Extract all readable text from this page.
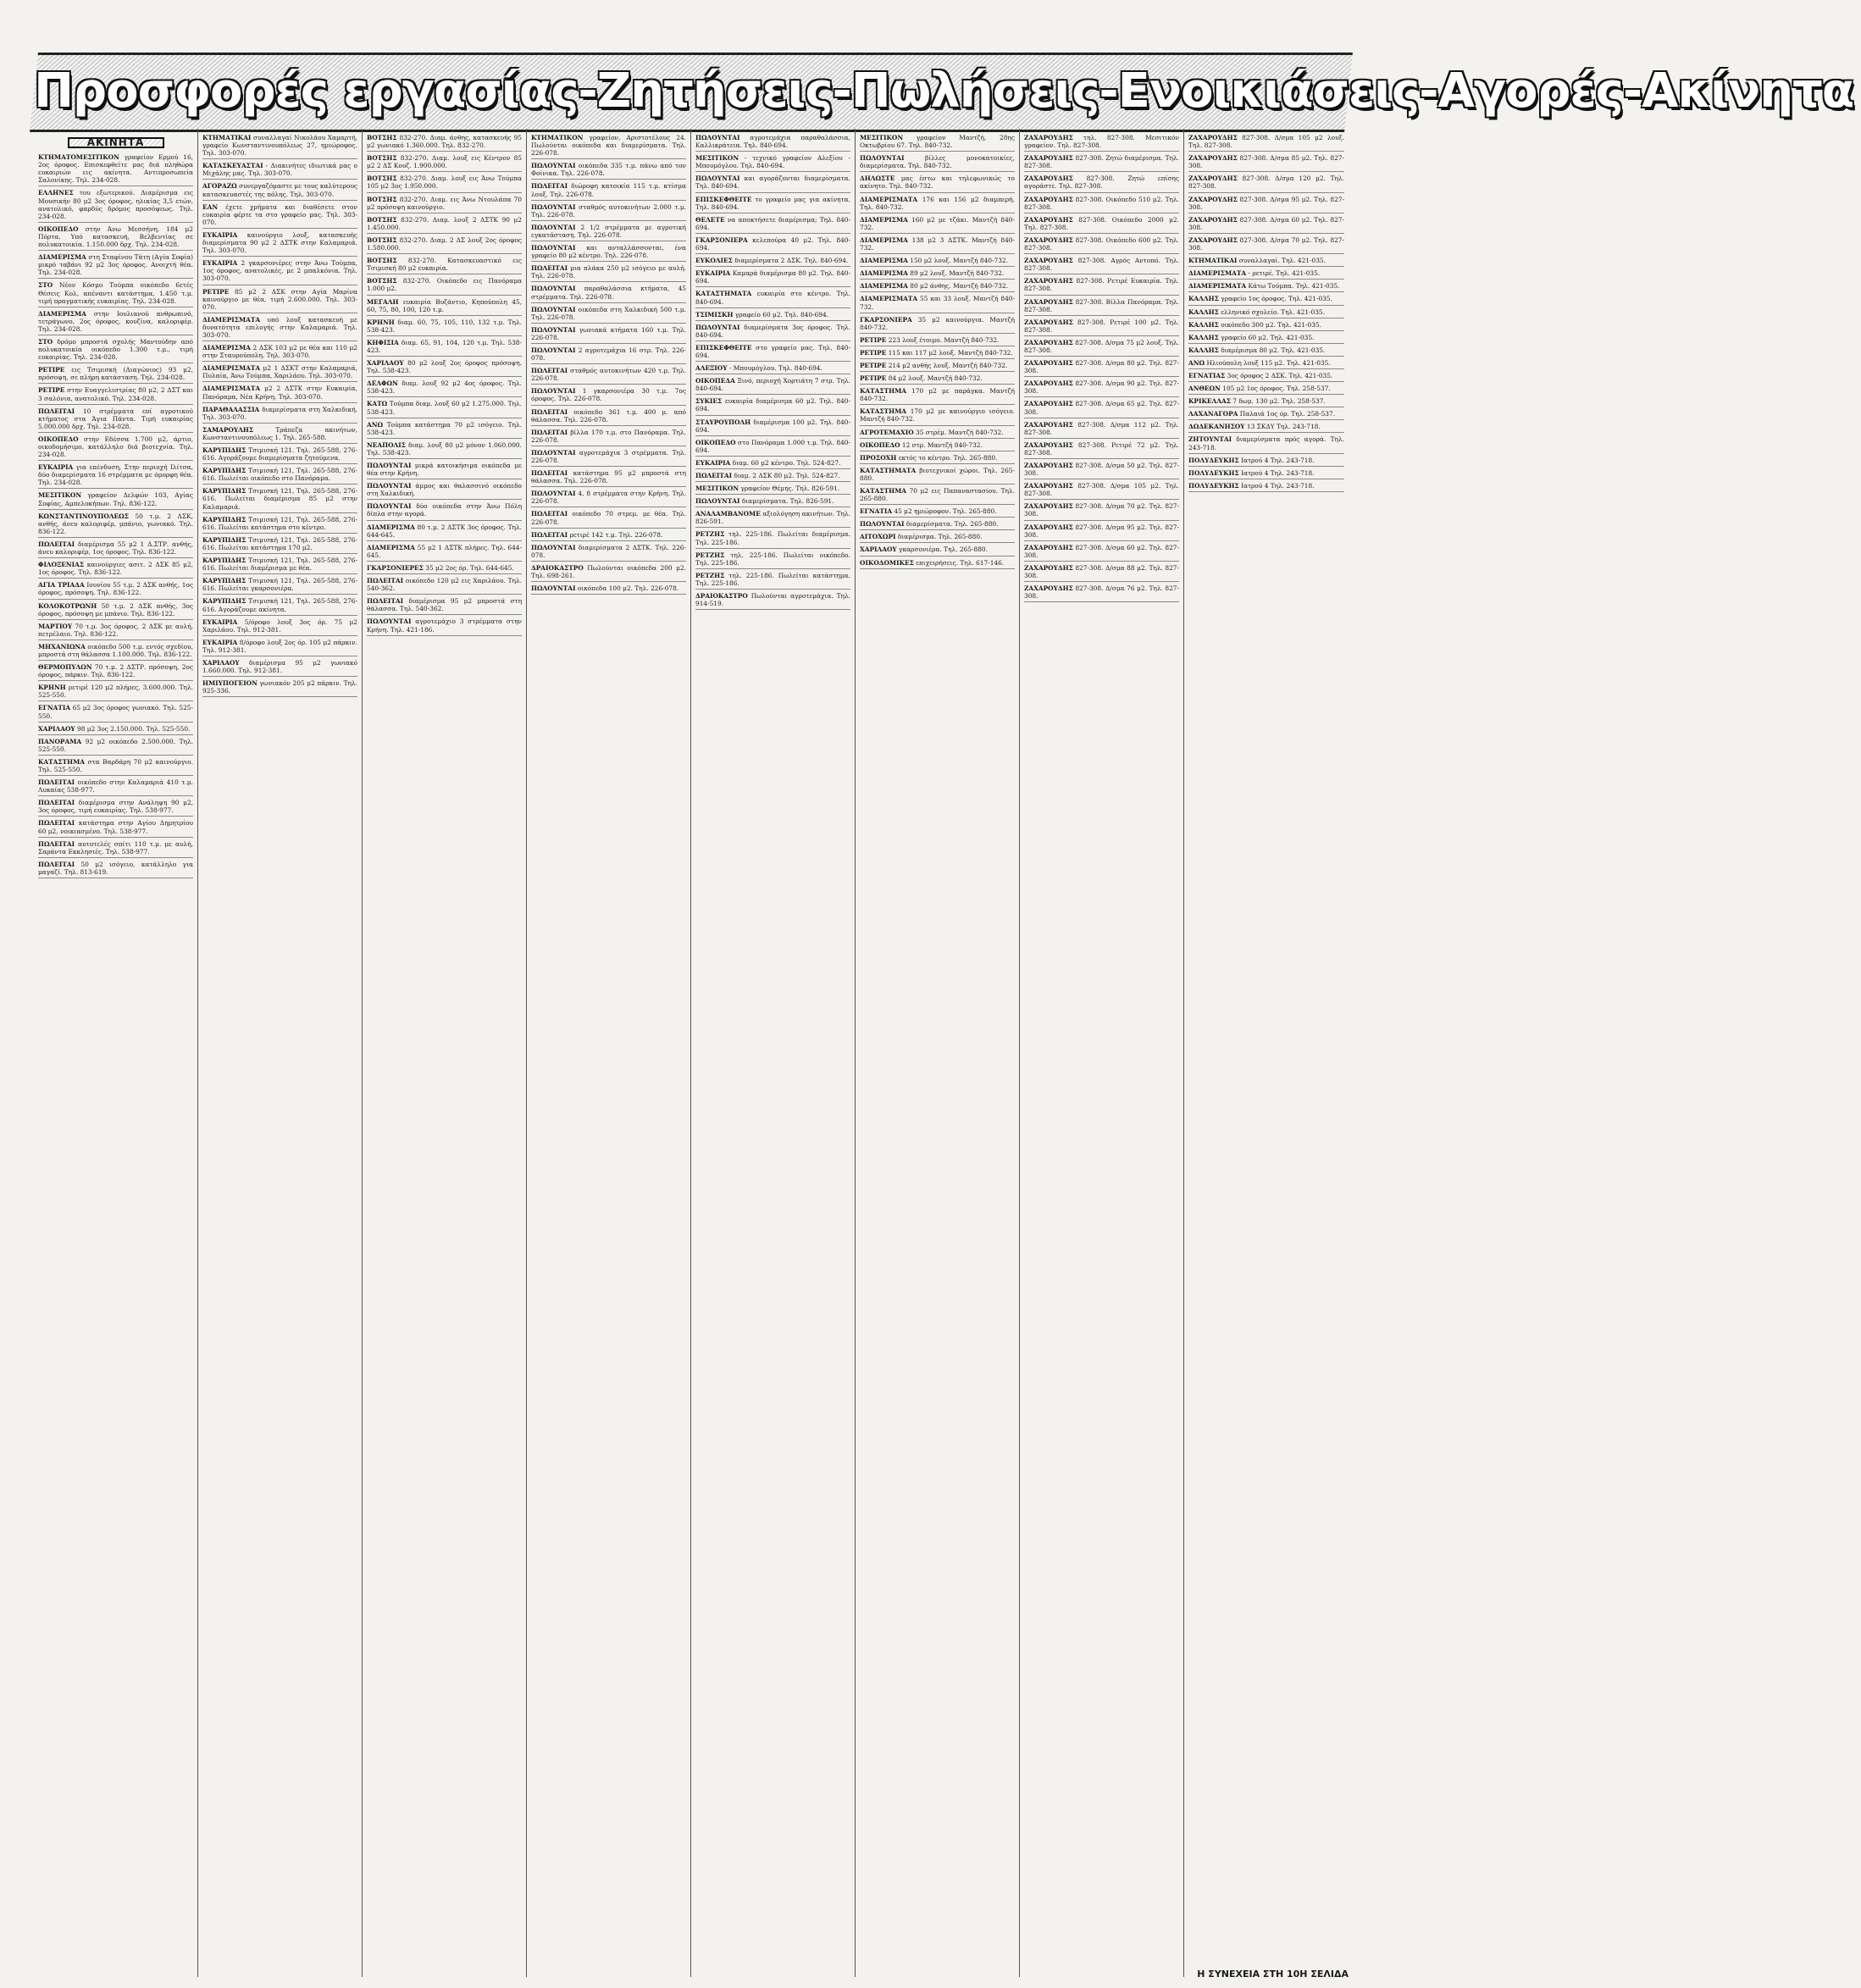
Προσφορές εργασίας-Ζητήσεις-Πωλήσεις-Ενοικιάσεις-Αγορές-Ακίνητα
ΑΚΙΝΗΤΑ
ΚΤΗΜΑΤΟΜΕΣΙΤΙΚΟΝ γραφείον Ερμού 16, 2ος όροφος. Επισκεφθείτε μας διά πληθώρα ευκαιριών εις ακίνητα. Αντιπροσωπεία Σαλονίκης. Τηλ. 234-028.
ΕΛΛΗΝΕΣ του εξωτερικού. Διαμέρισμα εις Μουσικήν 80 μ2 3ος όροφος, ηλικίας 3,5 ετών, ανατολικό, φαρδύς δρόμος προσόψεως. Τηλ. 234-028.
ΟΙΚΟΠΕΔΟ στην Άνω Μεσσήνη, 184 μ2 Πόρτα. Υπό κατασκευή, Βελβεντίας σε πολυκατοικία. 1.150.000 δρχ. Τηλ. 234-028.
ΔΙΑΜΕΡΙΣΜΑ στη Σταφίνου Τάτη (Αγία Σοφία) μικρό ταβάνι 92 μ2 3ος όροφος. Ανοιχτή θέα. Τηλ. 234-028.
ΣΤΟ Νέον Κόσμο Τούμπα οικόπεδο 6ετές Θέσεις Κολ, απέναντι κατάστημα, 1.450 τ.μ. τιμή πραγματικής ευκαιρίας. Τηλ. 234-028.
ΔΙΑΜΕΡΙΣΜΑ στην Ιουλιανού ανθρωπινό, τετράγωνο, 2ος όροφος, κουζίνα, καλοριφέρ. Τηλ. 234-028.
ΣΤΟ δρόμο μπροστά σχολής Μαντούδην από πολυκατοικία οικόπεδο 1.300 τ.μ., τιμή ευκαιρίας. Τηλ. 234-028.
ΡΕΤΙΡΕ εις Τσιμισκή (Διαγώνιος) 93 μ2, πρόσοψη, σε πλήρη κατάσταση. Τηλ. 234-028.
ΡΕΤΙΡΕ στην Ευαγγελιστρίας 80 μ2, 2 ΔΣΤ και 3 σαλόνια, ανατολικό. Τηλ. 234-028.
ΠΩΛΕΙΤΑΙ 10 στρέμματα επί αγροτικού κτήματος στα Άγια Πάντα. Τιμή ευκαιρίας 5.000.000 δρχ. Τηλ. 234-028.
ΟΙΚΟΠΕΔΟ στην Εδέσσα 1.700 μ2, άρτιο, οικοδομήσιμο, κατάλληλο διά βιοτεχνία. Τηλ. 234-028.
ΕΥΚΑΙΡΙΑ για επένδυση, Στην περιοχή Ιλίτσα, δύο διαμερίσματα 16 στρέμματα με όμορφη θέα. Τηλ. 234-028.
ΜΕΣΙΤΙΚΟΝ γραφείον Δελφών 103, Αγίας Σοφίας, Αμπελοκήπων. Τηλ. 836-122.
ΚΩΝΣΤΑΝΤΙΝΟΥΠΟΛΕΩΣ 50 τ.μ. 2 ΔΣΚ, ανθής, άνευ καλοριφέρ, μπάνιο, γωνιακό. Τηλ. 836-122.
ΠΩΛΕΙΤΑΙ διαμέρισμα 55 μ2 1 Δ.ΣΤΡ. ανθής, άνευ καλοριφέρ, 1ος όροφος. Τηλ. 836-122.
ΦΙΛΟΞΕΝΙΑΣ καινούργιες ασιτ. 2 ΔΣΚ 85 μ2, 1ος όροφος. Τηλ. 836-122.
ΑΓΙΑ ΤΡΙΑΔΑ Ιουνίου 55 τ.μ. 2 ΔΣΚ ανθής, 1ος όροφος, πρόσοψη. Τηλ. 836-122.
ΚΟΛΟΚΟΤΡΩΝΗ 50 τ.μ. 2 ΔΣΚ ανθής, 3ος όροφος, πρόσοψη με μπάνιο. Τηλ. 836-122.
ΜΑΡΤΙΟΥ 70 τ.μ. 3ος όροφος, 2 ΔΣΚ με αυλή, πετρέλαιο. Τηλ. 836-122.
ΜΗΧΑΝΙΩΝΑ οικόπεδο 500 τ.μ. εντός σχεδίου, μπροστά στη θάλασσα 1.100.000. Τηλ. 836-122.
ΘΕΡΜΟΠΥΛΩΝ 70 τ.μ. 2 ΔΣΤΡ. πρόσοψη, 2ος όροφος, πάρκιν. Τηλ. 836-122.
ΚΡΗΝΗ ρετιρέ 120 μ2 πλήρες, 3.600.000. Τηλ. 525-550.
ΕΓΝΑΤΙΑ 65 μ2 3ος όροφος γωνιακό. Τηλ. 525-550.
ΧΑΡΙΛΑΟΥ 98 μ2 3ος 2.150.000. Τηλ. 525-550.
ΠΑΝΟΡΑΜΑ 92 μ2 οικόπεδο 2.500.000. Τηλ. 525-550.
ΚΑΤΑΣΤΗΜΑ στα Βαρδάρη 70 μ2 καινούργιο. Τηλ. 525-550.
ΠΩΛΕΙΤΑΙ οικόπεδο στην Καλαμαριά 410 τ.μ. Λυκαίας 538-977.
ΠΩΛΕΙΤΑΙ διαμέρισμα στην Ανάληψη 90 μ2, 3ος όροφος, τιμή ευκαιρίας. Τηλ. 538-977.
ΠΩΛΕΙΤΑΙ κατάστημα στην Αγίου Δημητρίου 60 μ2, νοικιασμένο. Τηλ. 538-977.
ΠΩΛΕΙΤΑΙ αυτοτελές σπίτι 110 τ.μ. με αυλή, Σαράντα Εκκλησιές. Τηλ. 538-977.
ΠΩΛΕΙΤΑΙ 50 μ2 ισόγειο, κατάλληλο για μαγαζί. Τηλ. 813-619.
ΚΤΗΜΑΤΙΚΑΙ συναλλαγαί Νικολάου Χαμαρτή, γραφείο Κωνσταντινουπόλεως 27, ημιώροφος. Τηλ. 303-070.
ΚΑΤΑΣΚΕΥΑΣΤΑΙ - Διακινήτες ιδιωτικά μας ο Μιχάλης μας. Τηλ. 303-070.
ΑΓΟΡΑΖΩ συνεργαζόμαστε με τους καλύτερους κατασκευαστές της πόλης. Τηλ. 303-070.
ΕΑΝ έχετε χρήματα και διαθέσετε στον ευκαιρία φέρτε τα στο γραφείο μας. Τηλ. 303-070.
ΕΥΚΑΙΡΙΑ καινούργιο λουξ, κατασκευής διαμερίσματα 90 μ2 2 ΔΣΤΚ στην Καλαμαριά. Τηλ. 303-070.
ΕΥΚΑΙΡΙΑ 2 γκαρσονιέρες στην Άνω Τούμπα, 1ος όροφος, ανατολικές, με 2 μπαλκόνια. Τηλ. 303-070.
ΡΕΤΙΡΕ 85 μ2 2 ΔΣΚ στην Αγία Μαρίνα καινούργιο με θέα, τιμή 2.600.000. Τηλ. 303-070.
ΔΙΑΜΕΡΙΣΜΑΤΑ υπό λουξ κατασκευή με δυνατότητα επιλογής στην Καλαμαριά. Τηλ. 303-070.
ΔΙΑΜΕΡΙΣΜΑ 2 ΔΣΚ 103 μ2 με θέα και 110 μ2 στην Σταυρούπολη. Τηλ. 303-070.
ΔΙΑΜΕΡΙΣΜΑΤΑ μ2 1 ΔΣΚΤ στην Καλαμαριά, Πυλαία, Άνω Τούμπα, Χαριλάου. Τηλ. 303-070.
ΔΙΑΜΕΡΙΣΜΑΤΑ μ2 2 ΔΣΤΚ στην Ευκαιρία, Πανόραμα, Νέα Κρήνη. Τηλ. 303-070.
ΠΑΡΑΘΑΛΑΣΣΙΑ διαμερίσματα στη Χαλκιδική. Τηλ. 303-070.
ΣΑΜΑΡΟΥΛΗΣ	Τράπεζα ακινήτων, Κωνσταντινουπόλεως 1. Τηλ. 265-588.
ΚΑΡΥΠΙΔΗΣ Τσιμισκή 121. Τηλ. 265-588, 276-616. Αγοράζουμε διαμερίσματα ζητούμενα.
ΚΑΡΥΠΙΔΗΣ Τσιμισκή 121, Τηλ. 265-588, 276-616. Πωλείται οικόπεδο στο Πανόραμα.
ΚΑΡΥΠΙΔΗΣ Τσιμισκή 121, Τηλ. 265-588, 276-616. Πωλείται διαμέρισμα 85 μ2 στην Καλαμαριά.
ΚΑΡΥΠΙΔΗΣ Τσιμισκή 121, Τηλ. 265-588, 276-616. Πωλείται κατάστημα στο κέντρο.
ΚΑΡΥΠΙΔΗΣ Τσιμισκή 121, Τηλ. 265-588, 276-616. Πωλείται κατάστημα 170 μ2.
ΚΑΡΥΠΙΔΗΣ Τσιμισκή 121, Τηλ. 265-588, 276-616. Πωλείται διαμέρισμα με θέα.
ΚΑΡΥΠΙΔΗΣ Τσιμισκή 121, Τηλ. 265-588, 276-616. Πωλείται γκαρσονιέρα.
ΚΑΡΥΠΙΔΗΣ Τσιμισκή 121, Τηλ. 265-588, 276-616. Αγοράζουμε ακίνητα.
ΕΥΚΑΙΡΙΑ 5/όροφο λουξ 3ος όρ. 75 μ2 Χαριλάου. Τηλ. 912-381.
ΕΥΚΑΙΡΙΑ 8/όροφο λουξ 2ος όρ. 105 μ2 πάρκιν. Τηλ. 912-381.
ΧΑΡΙΛΑΟΥ διαμέρισμα 95 μ2 γωνιακό 1.660.000. Τηλ. 912-381.
ΗΜΙΥΠΟΓΕΙΟΝ γωνιακόν 205 μ2 πάρκιν. Τηλ. 925-336.
ΒΟΤΣΗΣ 832-270. Διαμ. άνθης, κατασκευής 95 μ2 γωνιακό 1.360.000. Τηλ. 832-270.
ΒΟΤΣΗΣ 832-270. Διαμ. λουξ εις Κέντρον 85 μ2 2 ΔΣ Κουζ. 1.900.000.
ΒΟΤΣΗΣ 832-270. Διαμ. λουξ εις Άνω Τούμπα 105 μ2 3ος 1.950.000.
ΒΟΤΣΗΣ 832-270. Διαμ. εις Άνω Ντουλάπα 70 μ2 πρόσοψη καινούργιο.
ΒΟΤΣΗΣ 832-270. Διαμ. λουξ 2 ΔΣΤΚ 90 μ2 1.450.000.
ΒΟΤΣΗΣ 832-270. Διαμ. 2 ΔΣ λουξ 2ος όροφος 1.580.000.
ΒΟΤΣΗΣ 832-270. Κατασκευαστικό εις Τσιμισκή 80 μ2 ευκαιρία.
ΒΟΤΣΗΣ 832-270. Οικόπεδο εις Πανόραμα 1.000 μ2.
ΜΕΓΑΛΗ ευκαιρία Βυζάντιο, Κηπούπολη 45, 60, 75, 80, 100, 120 τ.μ.
ΚΡΗΝΗ διαμ. 60, 75, 105, 110, 132 τ.μ. Τηλ. 538-423.
ΚΗΦΙΣΙΑ διαμ. 65, 91, 104, 120 τ.μ. Τηλ. 538-423.
ΧΑΡΙΛΑΟΥ 80 μ2 λουξ 2ος όροφος πρόσοψη. Τηλ. 538-423.
ΔΕΛΦΩΝ διαμ. λουξ 92 μ2 4ος όροφος. Τηλ. 538-423.
ΚΑΤΩ Τούμπα διαμ. λουξ 60 μ2 1.275.000. Τηλ. 538-423.
ΑΝΩ Τούμπα κατάστημα 70 μ2 ισόγειο. Τηλ. 538-423.
ΝΕΑΠΟΛΙΣ διαμ. λουξ 80 μ2 μόνον 1.060.000. Τηλ. 538-423.
ΠΩΛΟΥΝΤΑΙ μικρά κατοικήσιμα οικόπεδα με θέα στην Κρήνη.
ΠΩΛΟΥΝΤΑΙ άμμος και θαλασσινό οικόπεδο στη Χαλκιδική.
ΠΩΛΟΥΝΤΑΙ δύο οικόπεδα στην Άνω Πόλη δίπλα στην αγορά.
ΔΙΑΜΕΡΙΣΜΑ 80 τ.μ. 2 ΔΣΤΚ 3ος όροφος. Τηλ. 644-645.
ΔΙΑΜΕΡΙΣΜΑ 55 μ2 1 ΔΣΤΚ πλήρες. Τηλ. 644-645.
ΓΚΑΡΣΟΝΙΕΡΕΣ 35 μ2 2ος όρ. Τηλ. 644-645.
ΠΩΛΕΙΤΑΙ οικόπεδο 120 μ2 εις Χαριλάου. Τηλ. 540-362.
ΠΩΛΕΙΤΑΙ διαμέρισμα 95 μ2 μπροστά στη θάλασσα. Τηλ. 540-362.
ΠΩΛΟΥΝΤΑΙ αγροτεμάχιο 3 στρέμματα στην Κρήνη. Τηλ. 421-186.
ΚΤΗΜΑΤΙΚΟΝ γραφείον, Αριστοτέλους 24. Πωλούνται οικόπεδα και διαμερίσματα. Τηλ. 226-078.
ΠΩΛΟΥΝΤΑΙ οικόπεδα 335 τ.μ. πάνω από τον Φοίνικα. Τηλ. 226-078.
ΠΩΛΕΙΤΑΙ διώροφη κατοικία 115 τ.μ. κτίσμα λουξ. Τηλ. 226-078.
ΠΩΛΟΥΝΤΑΙ σταθμός αυτοκινήτων 2.000 τ.μ. Τηλ. 226-078.
ΠΩΛΟΥΝΤΑΙ 2 1/2 στρέμματα με αγροτική εγκατάσταση. Τηλ. 226-078.
ΠΩΛΟΥΝΤΑΙ και ανταλλάσσονται, ένα γραφείο 80 μ2 κέντρο. Τηλ. 226-078.
ΠΩΛΕΙΤΑΙ μια πλάκα 250 μ2 ισόγειο με αυλή. Τηλ. 226-078.
ΠΩΛΟΥΝΤΑΙ παραθαλάσσια κτήματα, 45 στρέμματα. Τηλ. 226-078.
ΠΩΛΟΥΝΤΑΙ οικόπεδα στη Χαλκιδική 500 τ.μ. Τηλ. 226-078.
ΠΩΛΟΥΝΤΑΙ γωνιακά κτήματα 160 τ.μ. Τηλ. 226-078.
ΠΩΛΟΥΝΤΑΙ 2 αγροτεμάχια 16 στρ. Τηλ. 226-078.
ΠΩΛΕΙΤΑΙ σταθμός αυτοκινήτων 420 τ.μ. Τηλ. 226-078.
ΠΩΛΟΥΝΤΑΙ 1 γκαρσονιέρα 30 τ.μ. 7ος όροφος. Τηλ. 226-078.
ΠΩΛΕΙΤΑΙ οικόπεδο 361 τ.μ. 400 μ. από θάλασσα. Τηλ. 226-078.
ΠΩΛΕΙΤΑΙ βίλλα 170 τ.μ. στο Πανόραμα. Τηλ. 226-078.
ΠΩΛΟΥΝΤΑΙ αγροτεμάχια 3 στρέμματα. Τηλ. 226-078.
ΠΩΛΕΙΤΑΙ κατάστημα 95 μ2 μπροστά στη θάλασσα. Τηλ. 226-078.
ΠΩΛΟΥΝΤΑΙ 4, 8 στρέμματα στην Κρήνη. Τηλ. 226-078.
ΠΩΛΕΙΤΑΙ οικόπεδο 70 στρεμ. με θέα. Τηλ. 226-078.
ΠΩΛΕΙΤΑΙ ρετιρέ 142 τ.μ. Τηλ. 226-078.
ΠΩΛΟΥΝΤΑΙ διαμερίσματα 2 ΔΣΤΚ. Τηλ. 226-078.
ΔΡΑΙΟΚΑΣΤΡΟ Πωλούνται οικόπεδα 200 μ2. Τηλ. 698-261.
ΠΩΛΟΥΝΤΑΙ οικόπεδα 100 μ2. Τηλ. 226-078.
ΠΩΛΟΥΝΤΑΙ αγροτεμάχια παραθαλάσσια, Καλλικράτεια. Τηλ. 840-694.
ΜΕΣΙΤΙΚΟΝ - τεχνικό γραφείον Αλεξίου - Μπουμόγλου. Τηλ. 840-694.
ΠΩΛΟΥΝΤΑΙ και αγοράζονται διαμερίσματα. Τηλ. 840-694.
ΕΠΙΣΚΕΦΘΕΙΤΕ το γραφείο μας για ακίνητα. Τηλ. 840-694.
ΘΕΛΕΤΕ να αποκτήσετε διαμέρισμα; Τηλ. 840-694.
ΓΚΑΡΣΟΝΙΕΡΑ κελεπούρα 40 μ2. Τηλ. 840-694.
ΕΥΚΟΛΙΕΣ διαμερίσματα 2 ΔΣΚ. Τηλ. 840-694.
ΕΥΚΑΙΡΙΑ Καμαρά διαμέρισμα 80 μ2. Τηλ. 840-694.
ΚΑΤΑΣΤΗΜΑΤΑ ευκαιρία στο κέντρο. Τηλ. 840-694.
ΤΣΙΜΙΣΚΗ γραφείο 60 μ2. Τηλ. 840-694.
ΠΩΛΟΥΝΤΑΙ διαμερίσματα 3ος όροφος. Τηλ. 840-694.
ΕΠΙΣΚΕΦΘΕΙΤΕ στο γραφείο μας. Τηλ. 840-694.
ΑΛΕΞΙΟΥ - Μπουμόγλου. Τηλ. 840-694.
ΟΙΚΟΠΕΔΑ Ξινό, περιοχή Χορτιάτη 7 στρ. Τηλ. 840-694.
ΣΥΚΙΕΣ ευκαιρία διαμέρισμα 60 μ2. Τηλ. 840-694.
ΣΤΑΥΡΟΥΠΟΛΗ διαμέρισμα 100 μ2. Τηλ. 840-694.
ΟΙΚΟΠΕΔΟ στο Πανόραμα 1.000 τ.μ. Τηλ. 840-694.
ΕΥΚΑΙΡΙΑ διαμ. 60 μ2 κέντρο. Τηλ. 524-827.
ΠΩΛΕΙΤΑΙ διαμ. 2 ΔΣΚ 80 μ2. Τηλ. 524-827.
ΜΕΣΙΤΙΚΟΝ γραφείον Θέμης. Τηλ. 826-591.
ΠΩΛΟΥΝΤΑΙ διαμερίσματα. Τηλ. 826-591.
ΑΝΑΛΑΜΒΑΝΟΜΕ αξιολόγηση ακινήτων. Τηλ. 826-591.
ΡΕΤΖΗΣ τηλ. 225-186. Πωλείται διαμέρισμα. Τηλ. 225-186.
ΡΕΤΖΗΣ τηλ. 225-186. Πωλείται οικόπεδο. Τηλ. 225-186.
ΡΕΤΖΗΣ τηλ. 225-186. Πωλείται κατάστημα. Τηλ. 225-186.
ΔΡΑΙΟΚΑΣΤΡΟ Πωλούνται αγροτεμάχια. Τηλ. 914-519.
ΜΕΣΙΤΙΚΟΝ γραφείον Μαντζή, 28ης Οκτωβρίου 67. Τηλ. 840-732.
ΠΩΛΟΥΝΤΑΙ	βίλλες μονοκατοικίες, διαμερίσματα. Τηλ. 840-732.
ΔΗΛΩΣΤΕ μας έστω και τηλεφωνικώς το ακίνητο. Τηλ. 840-732.
ΔΙΑΜΕΡΙΣΜΑΤΑ 176 και 156 μ2 διαμπερή. Τηλ. 840-732.
ΔΙΑΜΕΡΙΣΜΑ 160 μ2 με τζάκι. Μαντζή 840-732.
ΔΙΑΜΕΡΙΣΜΑ 138 μ2 3 ΔΣΤΚ. Μαντζή 840-732.
ΔΙΑΜΕΡΙΣΜΑ 150 μ2 λουξ. Μαντζή 840-732.
ΔΙΑΜΕΡΙΣΜΑ 89 μ2 λουξ. Μαντζή 840-732.
ΔΙΑΜΕΡΙΣΜΑ 80 μ2 άνθης. Μαντζή 840-732.
ΔΙΑΜΕΡΙΣΜΑΤΑ 55 και 33 λουξ. Μαντζή 840-732.
ΓΚΑΡΣΟΝΙΕΡΑ 35 μ2 καινούργια. Μαντζή 840-732.
ΡΕΤΙΡΕ 223 λουξ έτοιμο. Μαντζή 840-732.
ΡΕΤΙΡΕ 115 και 117 μ2 λουξ. Μαντζή 840-732.
ΡΕΤΙΡΕ 214 μ2 ανθής λουξ. Μαντζή 840-732.
ΡΕΤΙΡΕ 84 μ2 λουξ. Μαντζή 840-732.
ΚΑΤΑΣΤΗΜΑ 170 μ2 με παράγκα. Μαντζή 840-732.
ΚΑΤΑΣΤΗΜΑ 170 μ2 με καινούργιο ισόγειο. Μαντζή 840-732.
ΑΓΡΟΤΕΜΑΧΙΟ 35 στρέμ. Μαντζή 840-732.
ΟΙΚΟΠΕΔΟ 12 στρ. Μαντζή 840-732.
ΠΡΟΣΟΧΗ εκτός το κέντρο. Τηλ. 265-880.
ΚΑΤΑΣΤΗΜΑΤΑ βιοτεχνικοί χώροι. Τηλ. 265-880.
ΚΑΤΑΣΤΗΜΑ 70 μ2 εις Παπαναστασίου. Τηλ. 265-880.
ΕΓΝΑΤΙΑ 45 μ2 ημιώροφον. Τηλ. 265-880.
ΠΩΛΟΥΝΤΑΙ διαμερίσματα. Τηλ. 265-880.
ΑΙΤΟΧΩΡΙ διαμέρισμα. Τηλ. 265-880.
ΧΑΡΙΛΑΟΥ γκαρσονιέρα. Τηλ. 265-880.
ΟΙΚΟΔΟΜΙΚΕΣ επιχειρήσεις. Τηλ. 617-146.
ΖΑΧΑΡΟΥΔΗΣ τηλ. 827-308. Μεσιτικόν γραφείον. Τηλ. 827-308.
ΖΑΧΑΡΟΥΔΗΣ 827-308. Ζητώ διαμέρισμα. Τηλ. 827-308.
ΖΑΧΑΡΟΥΔΗΣ 827-308. Ζητώ επίσης αγοράστε. Τηλ. 827-308.
ΖΑΧΑΡΟΥΔΗΣ 827-308. Οικόπεδο 510 μ2. Τηλ. 827-308.
ΖΑΧΑΡΟΥΔΗΣ 827-308. Οικόπεδο 2000 μ2. Τηλ. 827-308.
ΖΑΧΑΡΟΥΔΗΣ 827-308. Οικόπεδο 600 μ2. Τηλ. 827-308.
ΖΑΧΑΡΟΥΔΗΣ 827-308. Αγρός Αντοπό. Τηλ. 827-308.
ΖΑΧΑΡΟΥΔΗΣ 827-308. Ρετιρέ Ευκαιρία. Τηλ. 827-308.
ΖΑΧΑΡΟΥΔΗΣ 827-308. Βίλλα Πανόραμα. Τηλ. 827-308.
ΖΑΧΑΡΟΥΔΗΣ 827-308. Ρετιρέ 100 μ2. Τηλ. 827-308.
ΖΑΧΑΡΟΥΔΗΣ 827-308. Δ/σμα 75 μ2 λουξ. Τηλ. 827-308.
ΖΑΧΑΡΟΥΔΗΣ 827-308. Δ/σμα 80 μ2. Τηλ. 827-308.
ΖΑΧΑΡΟΥΔΗΣ 827-308. Δ/σμα 90 μ2. Τηλ. 827-308.
ΖΑΧΑΡΟΥΔΗΣ 827-308. Δ/σμα 65 μ2. Τηλ. 827-308.
ΖΑΧΑΡΟΥΔΗΣ 827-308. Δ/σμα 112 μ2. Τηλ. 827-308.
ΖΑΧΑΡΟΥΔΗΣ 827-308. Ρετιρέ 72 μ2. Τηλ. 827-308.
ΖΑΧΑΡΟΥΔΗΣ 827-308. Δ/σμα 50 μ2. Τηλ. 827-308.
ΖΑΧΑΡΟΥΔΗΣ 827-308. Δ/σμα 105 μ2. Τηλ. 827-308.
ΖΑΧΑΡΟΥΔΗΣ 827-308. Δ/σμα 70 μ2. Τηλ. 827-308.
ΖΑΧΑΡΟΥΔΗΣ 827-308. Δ/σμα 95 μ2. Τηλ. 827-308.
ΖΑΧΑΡΟΥΔΗΣ 827-308. Δ/σμα 60 μ2. Τηλ. 827-308.
ΖΑΧΑΡΟΥΔΗΣ 827-308. Δ/σμα 88 μ2. Τηλ. 827-308.
ΖΑΧΑΡΟΥΔΗΣ 827-308. Δ/σμα 76 μ2. Τηλ. 827-308.
ΖΑΧΑΡΟΥΔΗΣ 827-308. Δ/σμα 105 μ2 λουξ. Τηλ. 827-308.
ΖΑΧΑΡΟΥΔΗΣ 827-308. Δ/σμα 85 μ2. Τηλ. 827-308.
ΖΑΧΑΡΟΥΔΗΣ 827-308. Δ/σμα 120 μ2. Τηλ. 827-308.
ΖΑΧΑΡΟΥΔΗΣ 827-308. Δ/σμα 95 μ2. Τηλ. 827-308.
ΖΑΧΑΡΟΥΔΗΣ 827-308. Δ/σμα 60 μ2. Τηλ. 827-308.
ΖΑΧΑΡΟΥΔΗΣ 827-308. Δ/σμα 70 μ2. Τηλ. 827-308.
ΚΤΗΜΑΤΙΚΑΙ συναλλαγαί. Τηλ. 421-035.
ΔΙΑΜΕΡΙΣΜΑΤΑ - ρετιρέ. Τηλ. 421-035.
ΔΙΑΜΕΡΙΣΜΑΤΑ Κάτω Τούμπα. Τηλ. 421-035.
ΚΑΛΛΗΣ γραφείο 1ος όροφος. Τηλ. 421-035.
ΚΑΛΛΗΣ ελληνικό σχολείο. Τηλ. 421-035.
ΚΑΛΛΗΣ οικόπεδο 300 μ2. Τηλ. 421-035.
ΚΑΛΛΗΣ γραφείο 60 μ2. Τηλ. 421-035.
ΚΑΛΛΗΣ διαμέρισμα 80 μ2. Τηλ. 421-035.
ΑΝΩ Ηλιούπολη λουξ 115 μ2. Τηλ. 421-035.
ΕΓΝΑΤΙΑΣ 3ος όροφος 2 ΔΣΚ. Τηλ. 421-035.
ΑΝΘΕΩΝ 105 μ2 1ος όροφος. Τηλ. 258-537.
ΚΡΙΚΕΛΛΑΣ 7 δωμ. 130 μ2. Τηλ. 258-537.
ΛΑΧΑΝΑΓΟΡΑ Παλαιά 1ος όρ. Τηλ. 258-537.
ΔΩΔΕΚΑΝΗΣΟΥ 13 ΣΚΔΥ Τηλ. 243-718.
ΖΗΤΟΥΝΤΑΙ διαμερίσματα πρός αγορά. Τηλ. 243-718.
ΠΟΛΥΔΕΥΚΗΣ Ιατρού 4 Τηλ. 243-718.
ΠΟΛΥΔΕΥΚΗΣ Ιατρού 4 Τηλ. 243-718.
ΠΟΛΥΔΕΥΚΗΣ Ιατρού 4 Τηλ. 243-718.
Η ΣΥΝΕΧΕΙΑ ΣΤΗ 10Η ΣΕΛΙΔΑ
